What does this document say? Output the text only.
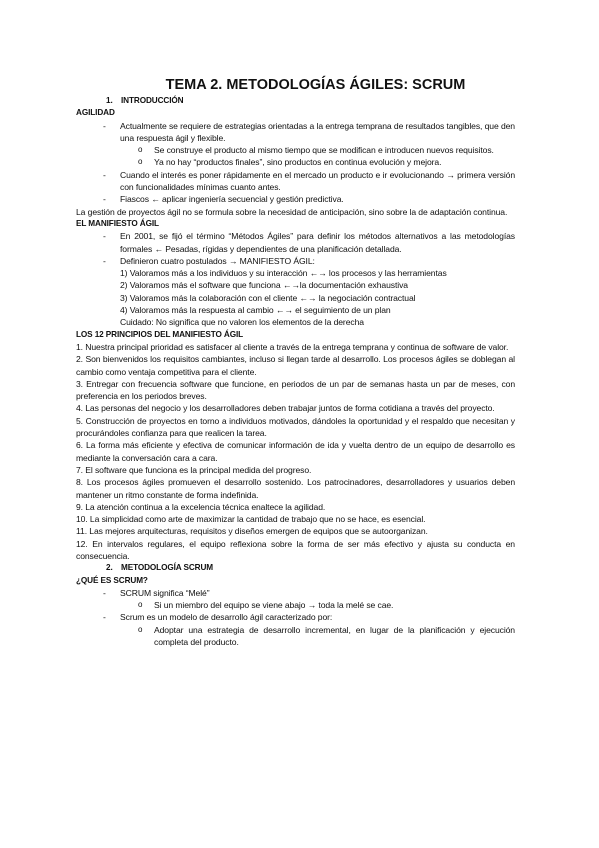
TEMA 2. METODOLOGÍAS ÁGILES: SCRUM
1. INTRODUCCIÓN
AGILIDAD
- Actualmente se requiere de estrategias orientadas a la entrega temprana de resultados tangibles, que den una respuesta ágil y flexible.
o Se construye el producto al mismo tiempo que se modifican e introducen nuevos requisitos.
o Ya no hay “productos finales”, sino productos en continua evolución y mejora.
- Cuando el interés es poner rápidamente en el mercado un producto e ir evolucionando → primera versión con funcionalidades mínimas cuanto antes.
- Fiascos ← aplicar ingeniería secuencial y gestión predictiva.
La gestión de proyectos ágil no se formula sobre la necesidad de anticipación, sino sobre la de adaptación continua.
EL MANIFIESTO ÁGIL
- En 2001, se fijó el término “Métodos Ágiles” para definir los métodos alternativos a las metodologías formales ← Pesadas, rígidas y dependientes de una planificación detallada.
- Definieron cuatro postulados → MANIFIESTO ÁGIL:
1) Valoramos más a los individuos y su interacción ←→ los procesos y las herramientas
2) Valoramos más el software que funciona ←→la documentación exhaustiva
3) Valoramos más la colaboración con el cliente ←→ la negociación contractual
4) Valoramos más la respuesta al cambio ←→ el seguimiento de un plan
Cuidado: No significa que no valoren los elementos de la derecha
LOS 12 PRINCIPIOS DEL MANIFIESTO ÁGIL
1. Nuestra principal prioridad es satisfacer al cliente a través de la entrega temprana y continua de software de valor.
2. Son bienvenidos los requisitos cambiantes, incluso si llegan tarde al desarrollo. Los procesos ágiles se doblegan al cambio como ventaja competitiva para el cliente.
3. Entregar con frecuencia software que funcione, en periodos de un par de semanas hasta un par de meses, con preferencia en los periodos breves.
4. Las personas del negocio y los desarrolladores deben trabajar juntos de forma cotidiana a través del proyecto.
5. Construcción de proyectos en torno a individuos motivados, dándoles la oportunidad y el respaldo que necesitan y procurándoles confianza para que realicen la tarea.
6. La forma más eficiente y efectiva de comunicar información de ida y vuelta dentro de un equipo de desarrollo es mediante la conversación cara a cara.
7. El software que funciona es la principal medida del progreso.
8. Los procesos ágiles promueven el desarrollo sostenido. Los patrocinadores, desarrolladores y usuarios deben mantener un ritmo constante de forma indefinida.
9. La atención continua a la excelencia técnica enaltece la agilidad.
10. La simplicidad como arte de maximizar la cantidad de trabajo que no se hace, es esencial.
11. Las mejores arquitecturas, requisitos y diseños emergen de equipos que se autoorganizan.
12. En intervalos regulares, el equipo reflexiona sobre la forma de ser más efectivo y ajusta su conducta en consecuencia.
2. METODOLOGÍA SCRUM
¿QUÉ ES SCRUM?
- SCRUM significa “Melé”
o Si un miembro del equipo se viene abajo → toda la melé se cae.
- Scrum es un modelo de desarrollo ágil caracterizado por:
o Adoptar una estrategia de desarrollo incremental, en lugar de la planificación y ejecución completa del producto.
